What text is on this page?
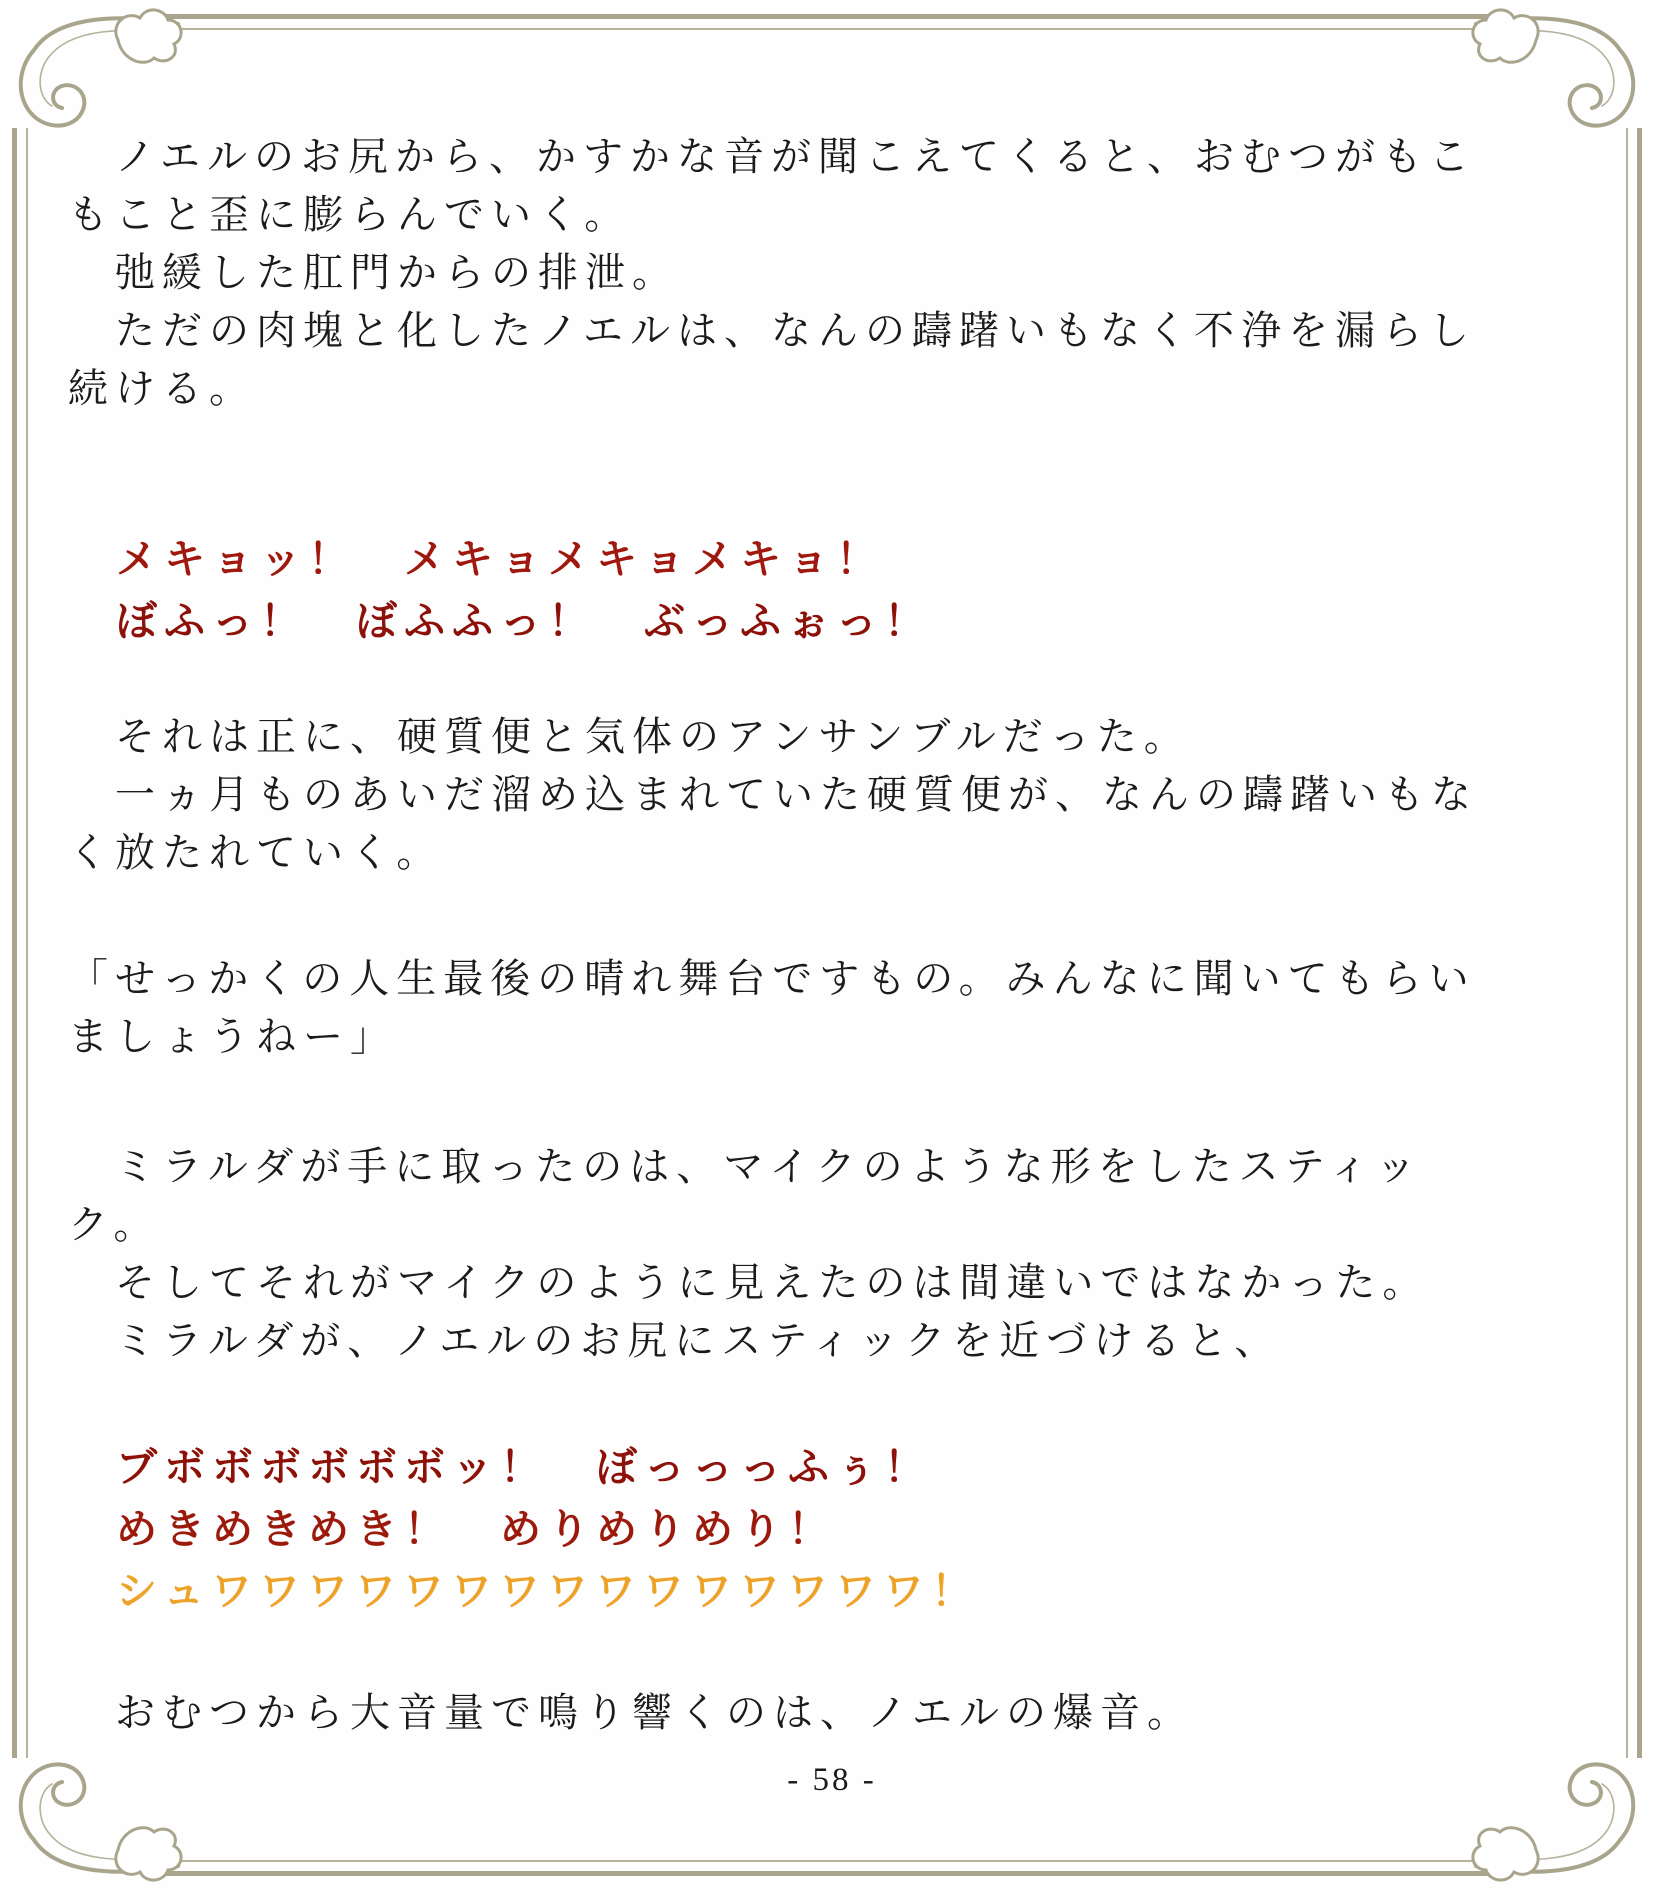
　ノエルのお尻から、かすかな音が聞こえてくると、おむつがもこ
もこと歪に膨らんでいく。
　弛緩した肛門からの排泄。
　ただの肉塊と化したノエルは、なんの躊躇いもなく不浄を漏らし
続ける。
　メキョッ！　メキョメキョメキョ！
　ぼふっ！　ぼふふっ！　ぶっふぉっ！
　それは正に、硬質便と気体のアンサンブルだった。
　一ヵ月ものあいだ溜め込まれていた硬質便が、なんの躊躇いもな
く放たれていく。
「せっかくの人生最後の晴れ舞台ですもの。みんなに聞いてもらい
ましょうねー」
　ミラルダが手に取ったのは、マイクのような形をしたスティッ
ク。
　そしてそれがマイクのように見えたのは間違いではなかった。
　ミラルダが、ノエルのお尻にスティックを近づけると、
　ブボボボボボボッ！　ぼっっっふぅ！
　めきめきめき！　めりめりめり！
　シュワワワワワワワワワワワワワワワ！
　おむつから大音量で鳴り響くのは、ノエルの爆音。
- 58 -
